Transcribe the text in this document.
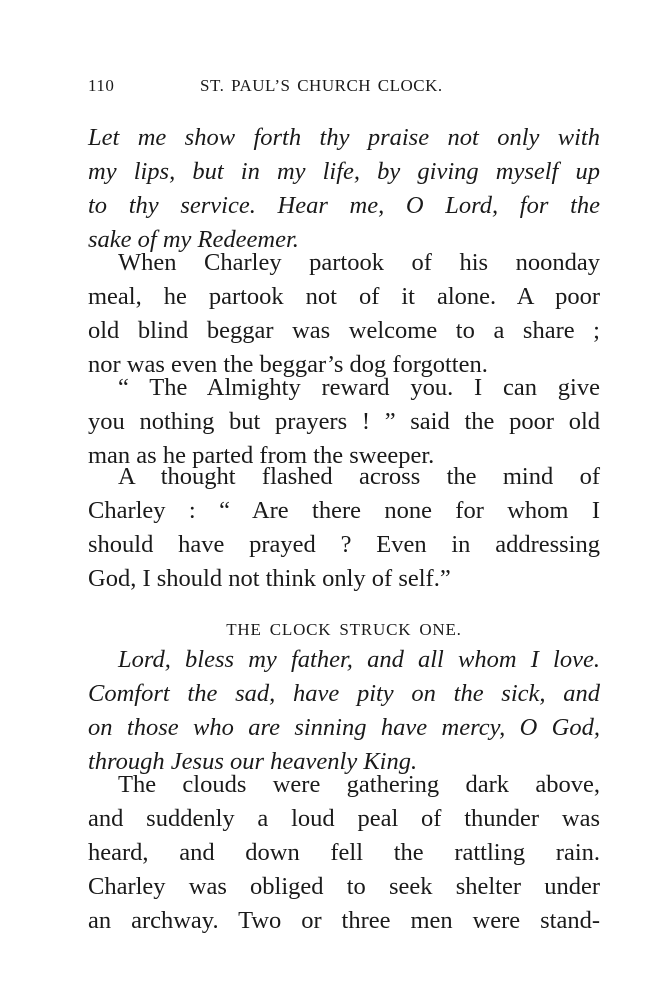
110	ST. PAUL’S CHURCH CLOCK.
Let me show forth thy praise not only with
my lips, but in my life, by giving myself up
to thy service. Hear me, O Lord, for the
sake of my Redeemer.
When Charley partook of his noonday
meal, he partook not of it alone. A poor
old blind beggar was welcome to a share ;
nor was even the beggar’s dog forgotten.
“ The Almighty reward you. I can give
you nothing but prayers ! ” said the poor old
man as he parted from the sweeper.
A thought flashed across the mind of
Charley : “ Are there none for whom I
should have prayed ? Even in addressing
God, I should not think only of self.”
THE CLOCK STRUCK ONE.
Lord, bless my father, and all whom I love.
Comfort the sad, have pity on the sick, and
on those who are sinning have mercy, O God,
through Jesus our heavenly King.
The clouds were gathering dark above,
and suddenly a loud peal of thunder was
heard, and down fell the rattling rain.
Charley was obliged to seek shelter under
an archway. Two or three men were stand-
